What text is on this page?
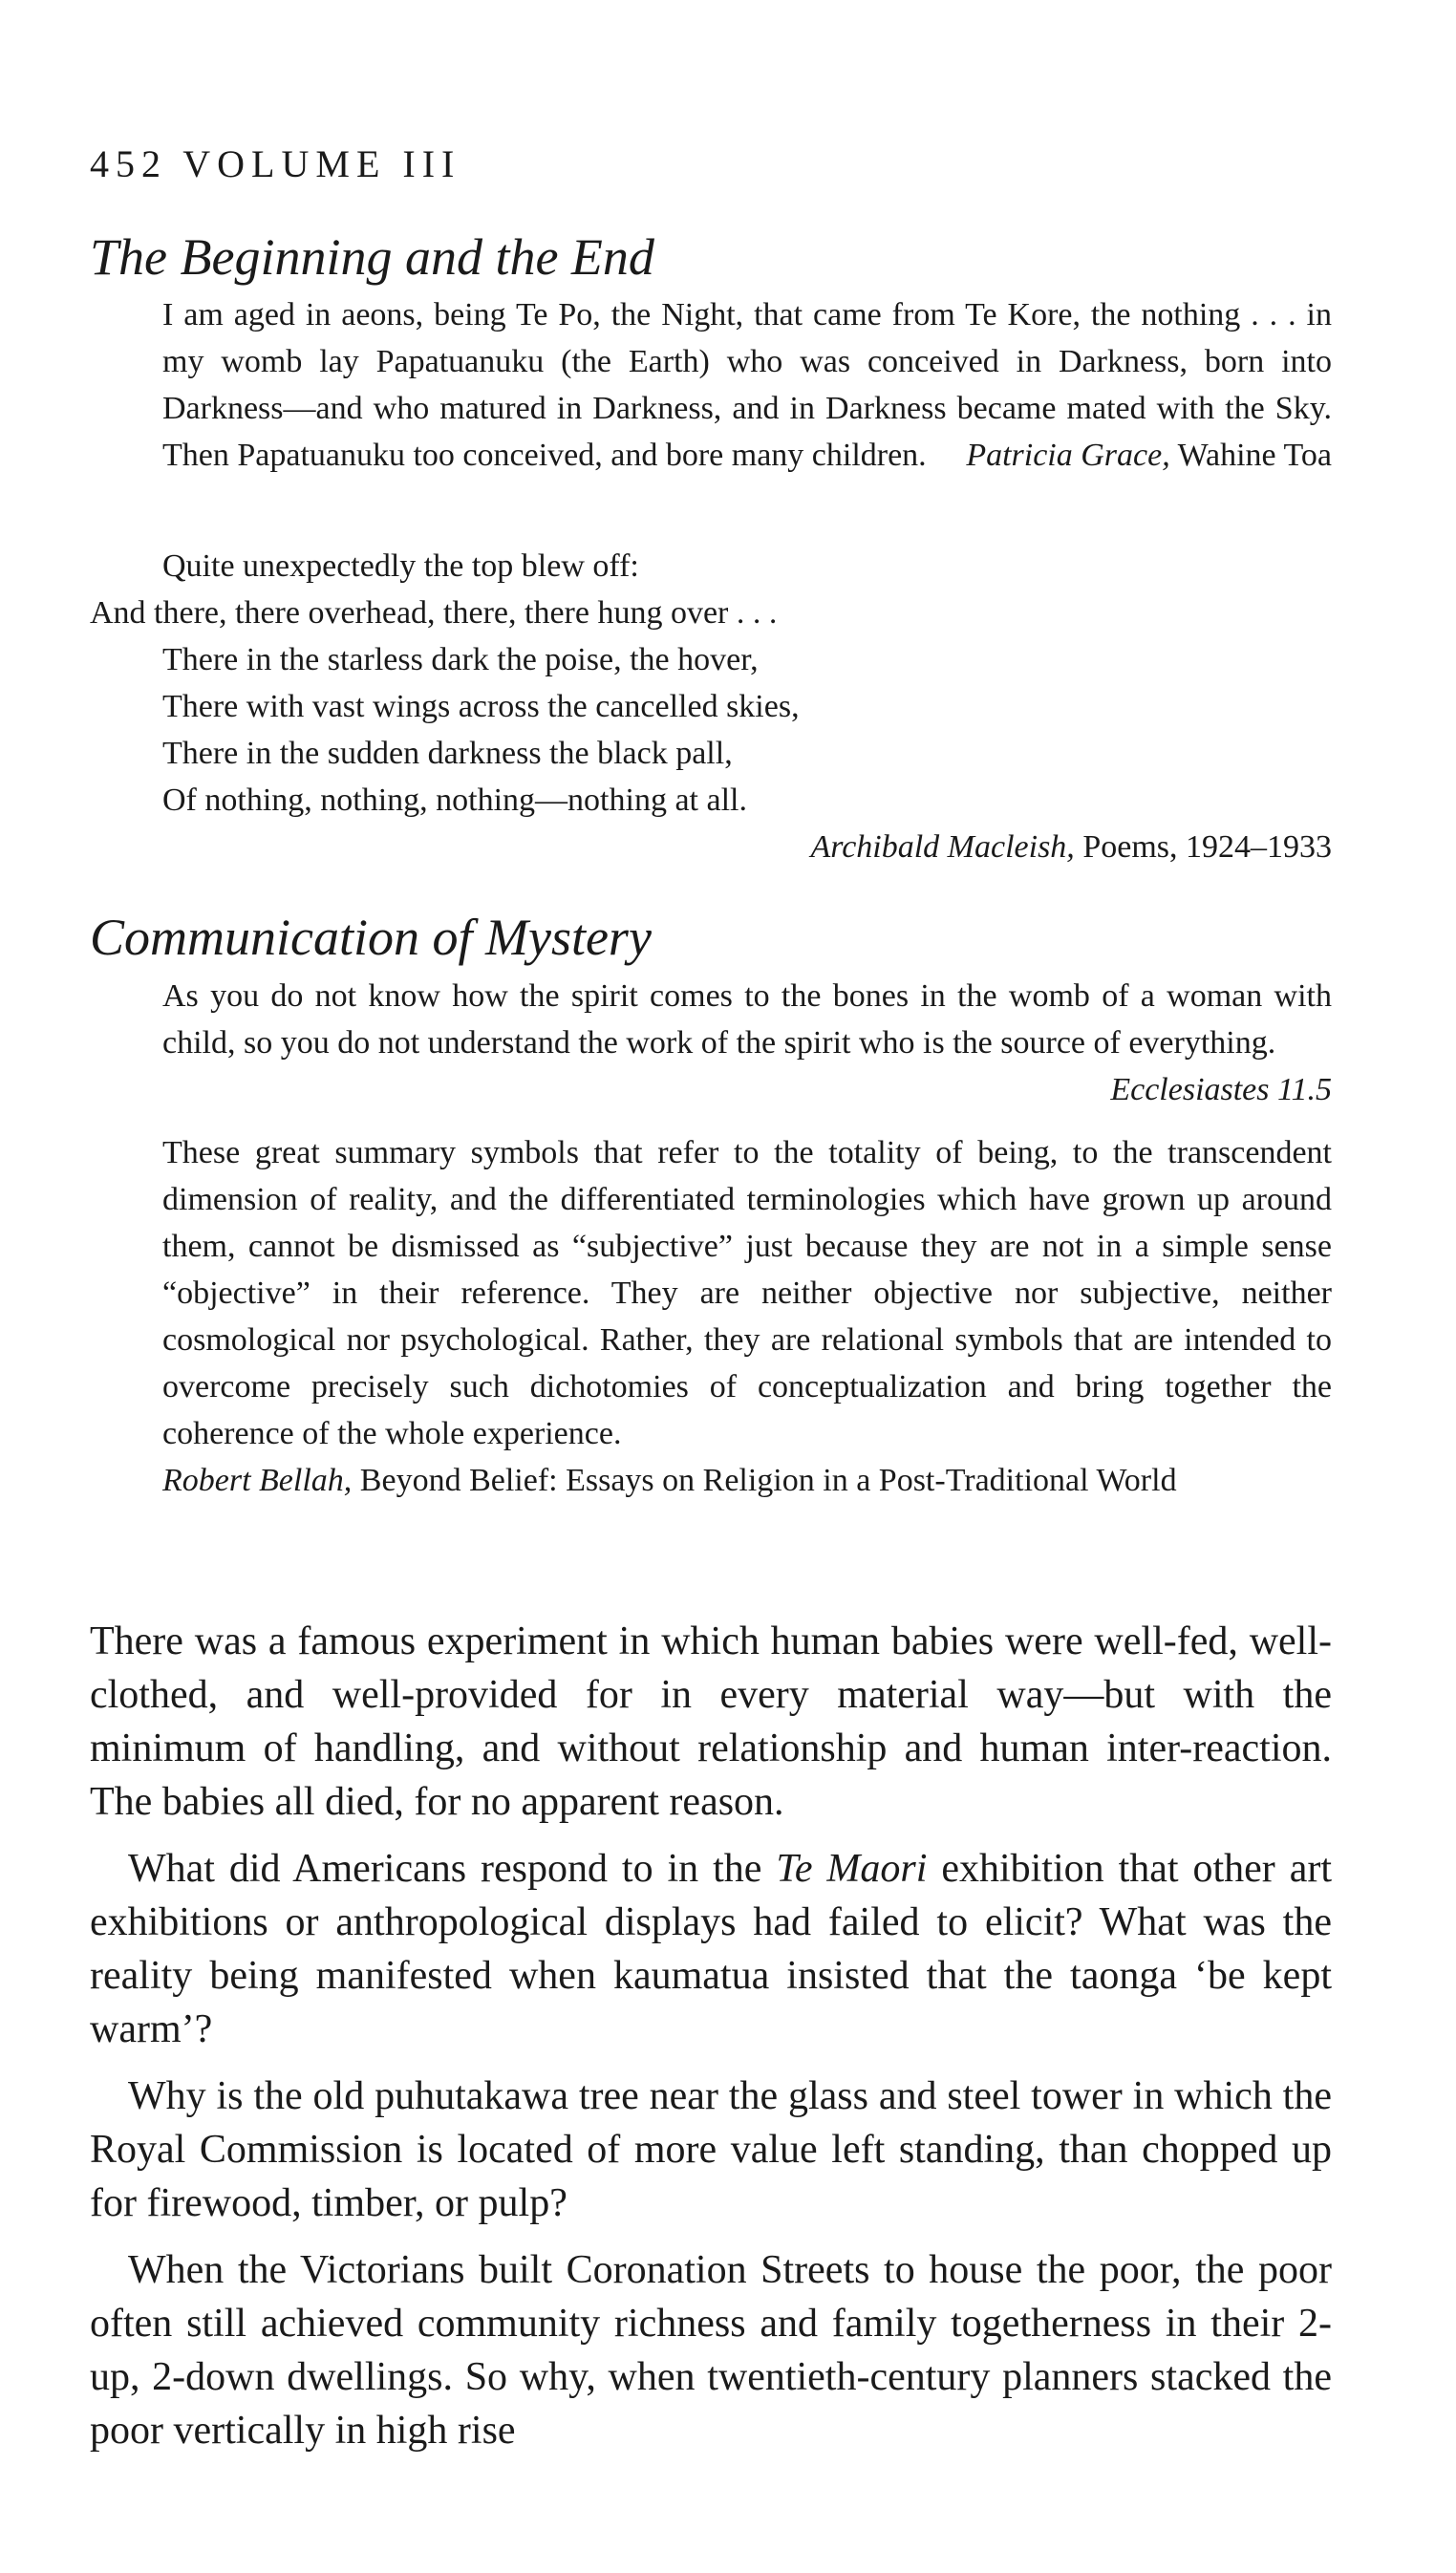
452 VOLUME III
The Beginning and the End
I am aged in aeons, being Te Po, the Night, that came from Te Kore, the nothing . . . in my womb lay Papatuanuku (the Earth) who was conceived in Darkness, born into Darkness—and who matured in Darkness, and in Darkness became mated with the Sky. Then Papatuanuku too conceived, and bore many children. Patricia Grace, Wahine Toa
Quite unexpectedly the top blew off:
And there, there overhead, there, there hung over . . .
There in the starless dark the poise, the hover,
There with vast wings across the cancelled skies,
There in the sudden darkness the black pall,
Of nothing, nothing, nothing—nothing at all.
Archibald Macleish, Poems, 1924–1933
Communication of Mystery
As you do not know how the spirit comes to the bones in the womb of a woman with child, so you do not understand the work of the spirit who is the source of everything.
Ecclesiastes 11.5
These great summary symbols that refer to the totality of being, to the transcendent dimension of reality, and the differentiated terminologies which have grown up around them, cannot be dismissed as “subjective” just because they are not in a simple sense “objective” in their reference. They are neither objective nor subjective, neither cosmological nor psychological. Rather, they are relational symbols that are intended to overcome precisely such dichotomies of conceptualization and bring together the coherence of the whole experience.
Robert Bellah, Beyond Belief: Essays on Religion in a Post-Traditional World

There was a famous experiment in which human babies were well-fed, well-clothed, and well-provided for in every material way—but with the minimum of handling, and without relationship and human inter-reaction. The babies all died, for no apparent reason.

What did Americans respond to in the Te Maori exhibition that other art exhibitions or anthropological displays had failed to elicit? What was the reality being manifested when kaumatua insisted that the taonga ‘be kept warm’?

Why is the old puhutakawa tree near the glass and steel tower in which the Royal Commission is located of more value left standing, than chopped up for firewood, timber, or pulp?

When the Victorians built Coronation Streets to house the poor, the poor often still achieved community richness and family togetherness in their 2-up, 2-down dwellings. So why, when twentieth-century planners stacked the poor vertically in high rise
